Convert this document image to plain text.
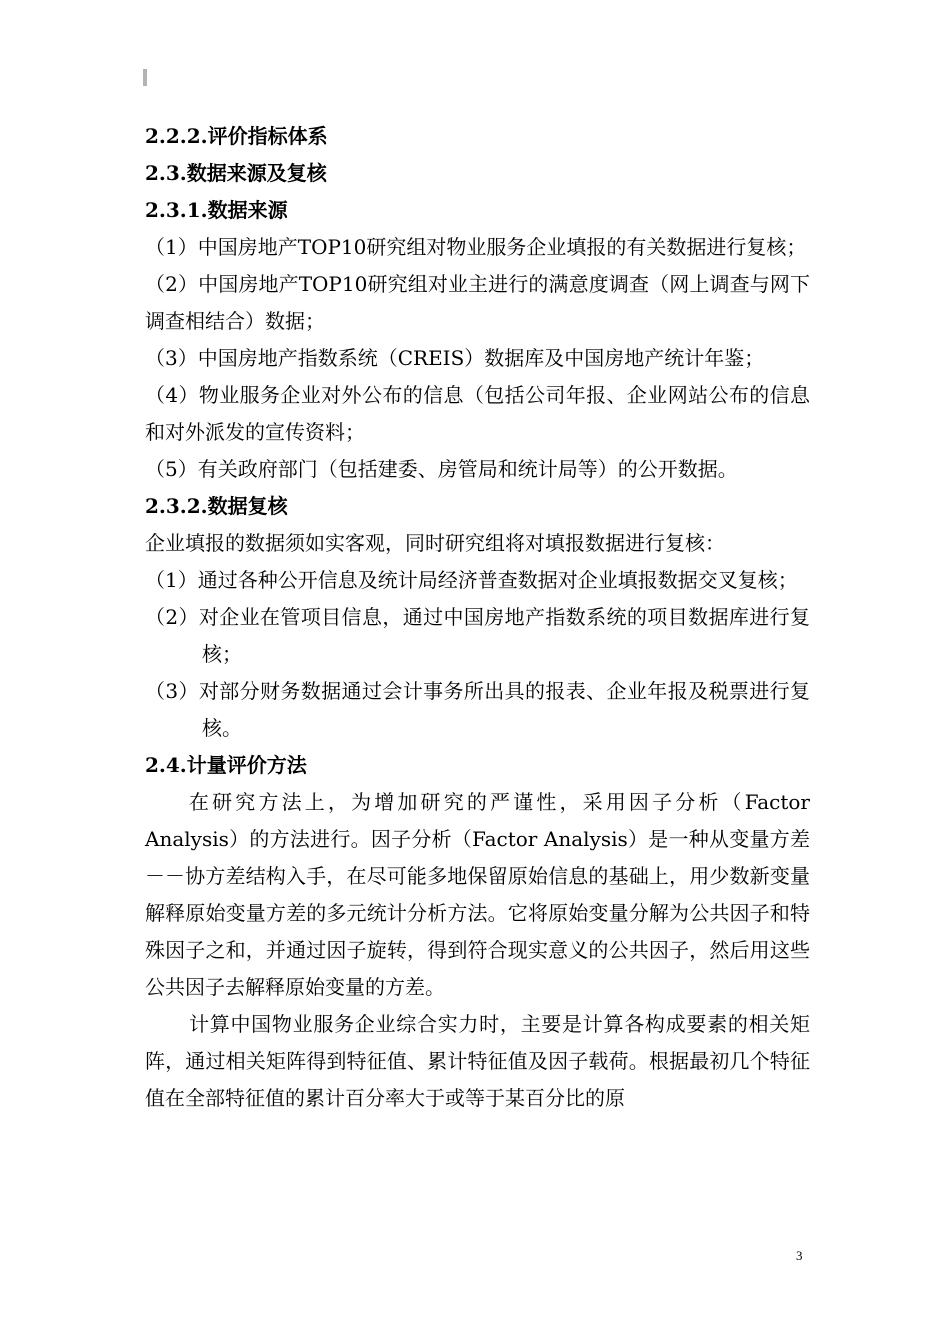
2.2.2.评价指标体系
2.3.数据来源及复核
2.3.1.数据来源
（1）中国房地产TOP10研究组对物业服务企业填报的有关数据进行复核；
（2）中国房地产TOP10研究组对业主进行的满意度调查（网上调查与网下调查相结合）数据；
（3）中国房地产指数系统（CREIS）数据库及中国房地产统计年鉴；
（4）物业服务企业对外公布的信息（包括公司年报、企业网站公布的信息和对外派发的宣传资料；
（5）有关政府部门（包括建委、房管局和统计局等）的公开数据。
2.3.2.数据复核
企业填报的数据须如实客观，同时研究组将对填报数据进行复核：
（1）通过各种公开信息及统计局经济普查数据对企业填报数据交叉复核；
（2）对企业在管项目信息，通过中国房地产指数系统的项目数据库进行复核；
（3）对部分财务数据通过会计事务所出具的报表、企业年报及税票进行复核。
2.4.计量评价方法
在研究方法上，为增加研究的严谨性，采用因子分析（Factor Analysis）的方法进行。因子分析（Factor Analysis）是一种从变量方差－－协方差结构入手，在尽可能多地保留原始信息的基础上，用少数新变量解释原始变量方差的多元统计分析方法。它将原始变量分解为公共因子和特殊因子之和，并通过因子旋转，得到符合现实意义的公共因子，然后用这些公共因子去解释原始变量的方差。
计算中国物业服务企业综合实力时，主要是计算各构成要素的相关矩阵，通过相关矩阵得到特征值、累计特征值及因子载荷。根据最初几个特征值在全部特征值的累计百分率大于或等于某百分比的原
3
